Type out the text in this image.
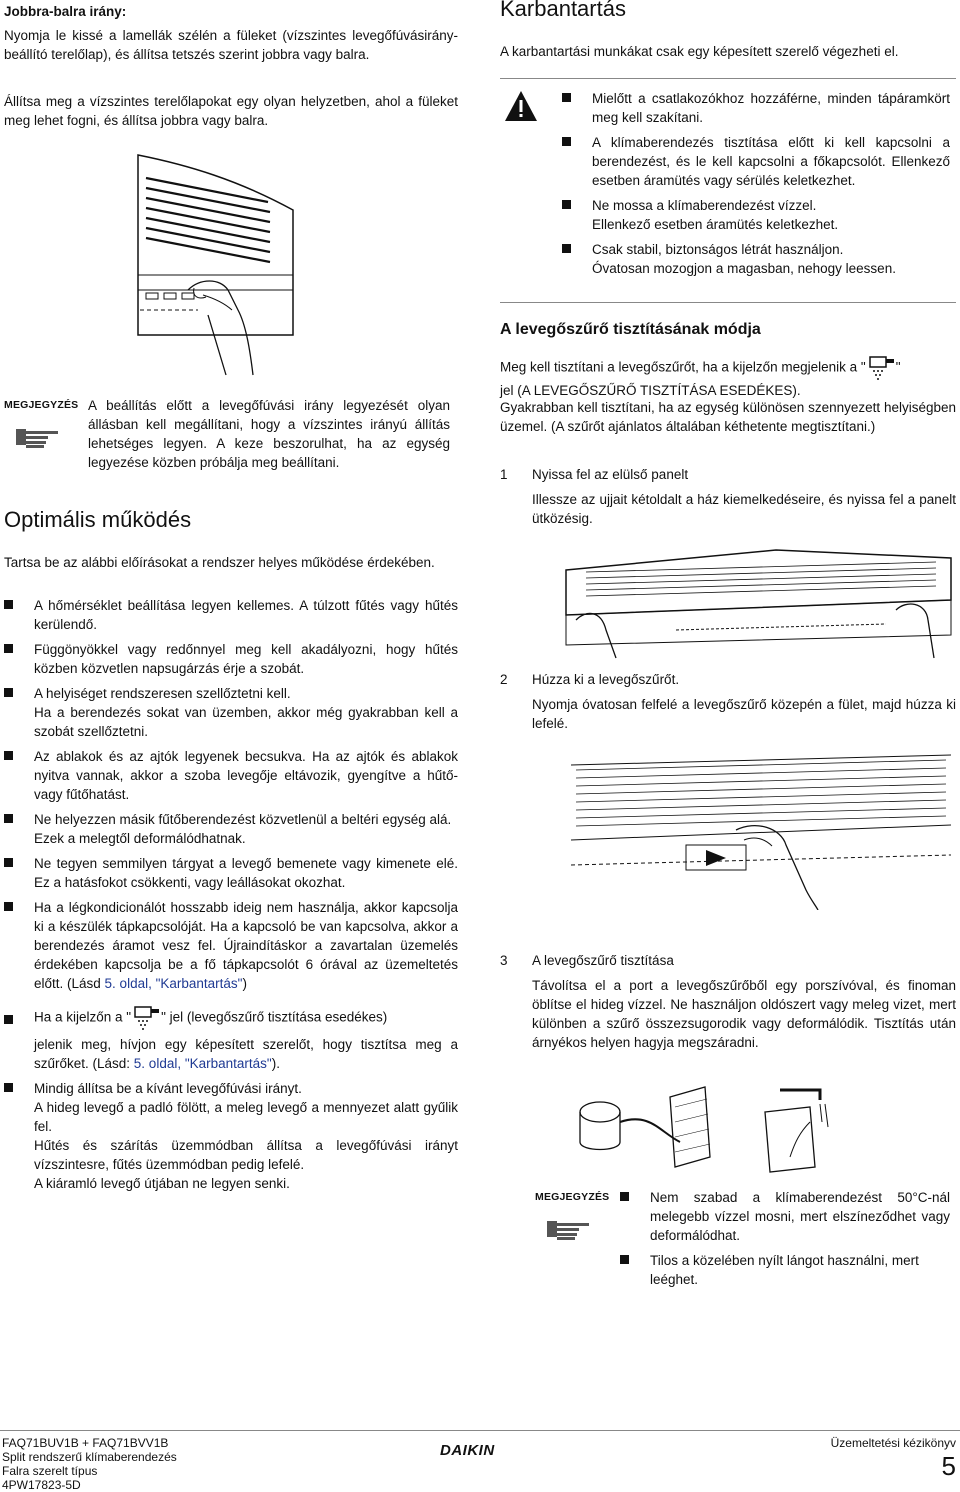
Jobbra-balra irány:

Nyomja le kissé a lamellák szélén a füleket (vízszintes levegőfúvásirány-beállító terelőlap), és állítsa tetszés szerint jobbra vagy balra.

Állítsa meg a vízszintes terelőlapokat egy olyan helyzetben, ahol a füleket meg lehet fogni, és állítsa jobbra vagy balra.

MEGJEGYZÉS A beállítás előtt a levegőfúvási irány legyezését olyan állásban kell megállítani, hogy a vízszintes irányú állítás lehetséges legyen. A keze beszorulhat, ha az egység legyezése közben próbálja meg beállítani.

Optimális működés

Tartsa be az alábbi előírásokat a rendszer helyes működése érdekében.

A hőmérséklet beállítása legyen kellemes. A túlzott fűtés vagy hűtés kerülendő.
Függönyökkel vagy redőnnyel meg kell akadályozni, hogy hűtés közben közvetlen napsugárzás érje a szobát.
A helyiséget rendszeresen szellőztetni kell.
Ha a berendezés sokat van üzemben, akkor még gyakrabban kell a szobát szellőztetni.
Az ablakok és az ajtók legyenek becsukva. Ha az ajtók és ablakok nyitva vannak, akkor a szoba levegője eltávozik, gyengítve a hűtő- vagy fűtőhatást.
Ne helyezzen másik fűtőberendezést közvetlenül a beltéri egység alá.
Ezek a melegtől deformálódhatnak.
Ne tegyen semmilyen tárgyat a levegő bemenete vagy kimenete elé. Ez a hatásfokot csökkenti, vagy leállásokat okozhat.
Ha a légkondicionálót hosszabb ideig nem használja, akkor kapcsolja ki a készülék tápkapcsolóját. Ha a kapcsoló be van kapcsolva, akkor a berendezés áramot vesz fel. Újraindításkor a zavartalan üzemelés érdekében kapcsolja be a fő tápkapcsolót 6 órával az üzemeltetés előtt. (Lásd 5. oldal, "Karbantartás")
Ha a kijelzőn a " " jel (levegőszűrő tisztítása esedékes)
jelenik meg, hívjon egy képesített szerelőt, hogy tisztítsa meg a szűrőket. (Lásd: 5. oldal, "Karbantartás").
Mindig állítsa be a kívánt levegőfúvási irányt.
A hideg levegő a padló fölött, a meleg levegő a mennyezet alatt gyűlik fel.
Hűtés és szárítás üzemmódban állítsa a levegőfúvási irányt vízszintesre, fűtés üzemmódban pedig lefelé.
A kiáramló levegő útjában ne legyen senki.
Karbantartás

A karbantartási munkákat csak egy képesített szerelő végezheti el.

Mielőtt a csatlakozókhoz hozzáférne, minden tápáramkört meg kell szakítani.
A klímaberendezés tisztítása előtt ki kell kapcsolni a berendezést, és le kell kapcsolni a főkapcsolót. Ellenkező esetben áramütés vagy sérülés keletkezhet.
Ne mossa a klímaberendezést vízzel.
Ellenkező esetben áramütés keletkezhet.
Csak stabil, biztonságos létrát használjon.
Óvatosan mozogjon a magasban, nehogy leessen.
A levegőszűrő tisztításának módja
Meg kell tisztítani a levegőszűrőt, ha a kijelzőn megjelenik a " "
jel (A LEVEGŐSZŰRŐ TISZTÍTÁSA ESEDÉKES).

Gyakrabban kell tisztítani, ha az egység különösen szennyezett helyiségben üzemel. (A szűrőt ajánlatos általában kéthetente megtisztítani.)

1 Nyissa fel az elülső panelt
Illessze az ujjait kétoldalt a ház kiemelkedéseire, és nyissa fel a panelt ütközésig.
2 Húzza ki a levegőszűrőt.
Nyomja óvatosan felfelé a levegőszűrő közepén a fület, majd húzza ki lefelé.
3 A levegőszűrő tisztítása
Távolítsa el a port a levegőszűrőből egy porszívóval, és finoman öblítse el hideg vízzel. Ne használjon oldószert vagy meleg vizet, mert különben a szűrő összezsugorodik vagy deformálódik. Tisztítás után árnyékos helyen hagyja megszáradni.
MEGJEGYZÉS	Nem szabad a klímaberendezést 50°C-nál melegebb vízzel mosni, mert elszíneződhet vagy deformálódhat.
Tilos a közelében nyílt lángot használni, mert leéghet.
FAQ71BUV1B + FAQ71BVV1B
Split rendszerű klímaberendezés
Falra szerelt típus
4PW17823-5D
DAIKIN	Üzemeltetési kézikönyv
5
